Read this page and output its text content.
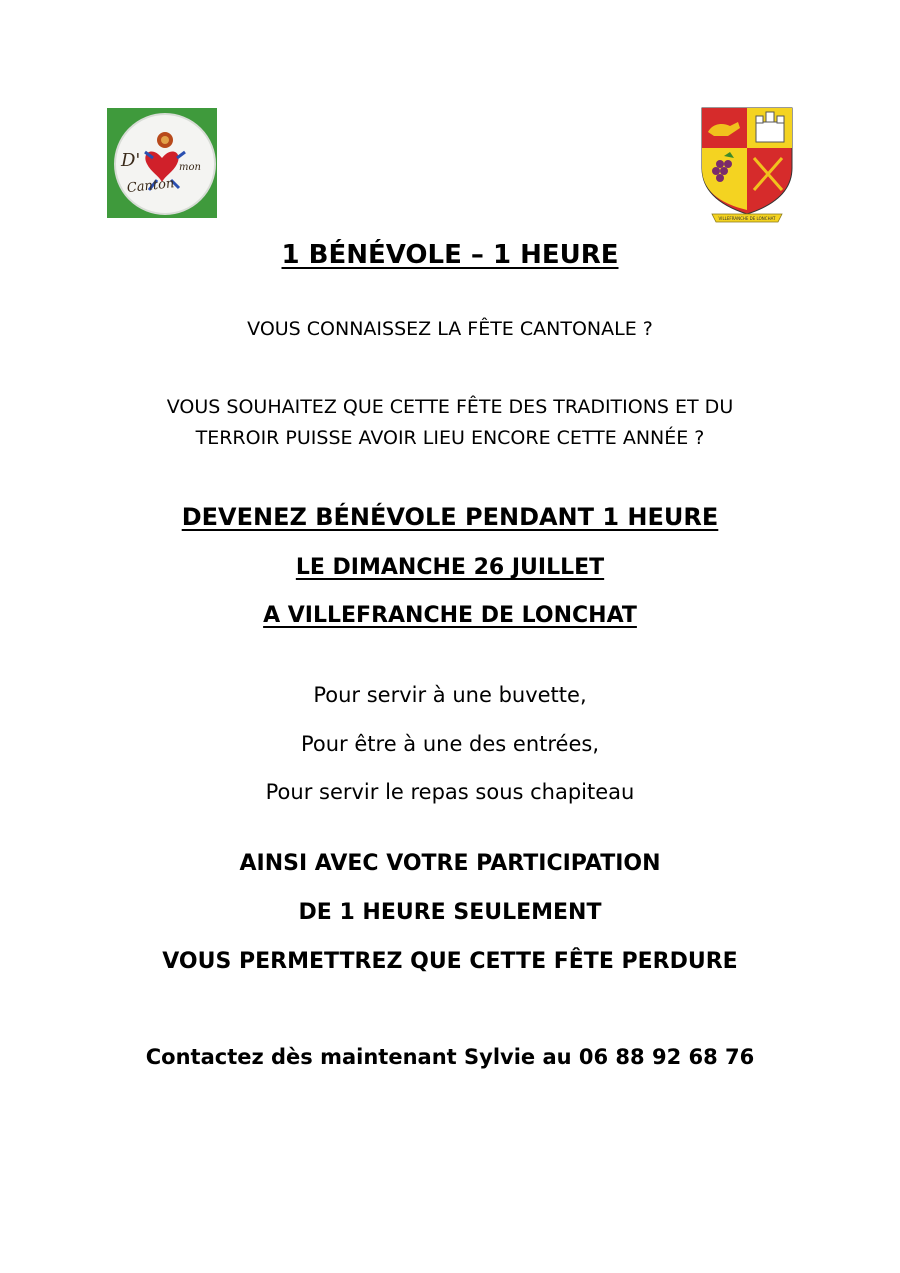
D'	mon
Canton
VILLEFRANCHE DE LONCHAT
1 BÉNÉVOLE – 1 HEURE
VOUS CONNAISSEZ LA FÊTE CANTONALE ?
VOUS SOUHAITEZ QUE CETTE FÊTE DES TRADITIONS ET DU
TERROIR PUISSE AVOIR LIEU ENCORE CETTE ANNÉE ?
DEVENEZ BÉNÉVOLE PENDANT 1 HEURE
LE DIMANCHE 26 JUILLET
A VILLEFRANCHE DE LONCHAT
Pour servir à une buvette,
Pour être à une des entrées,
Pour servir le repas sous chapiteau
AINSI AVEC VOTRE PARTICIPATION
DE 1 HEURE SEULEMENT
VOUS PERMETTREZ QUE CETTE FÊTE PERDURE
Contactez dès maintenant Sylvie au 06 88 92 68 76
